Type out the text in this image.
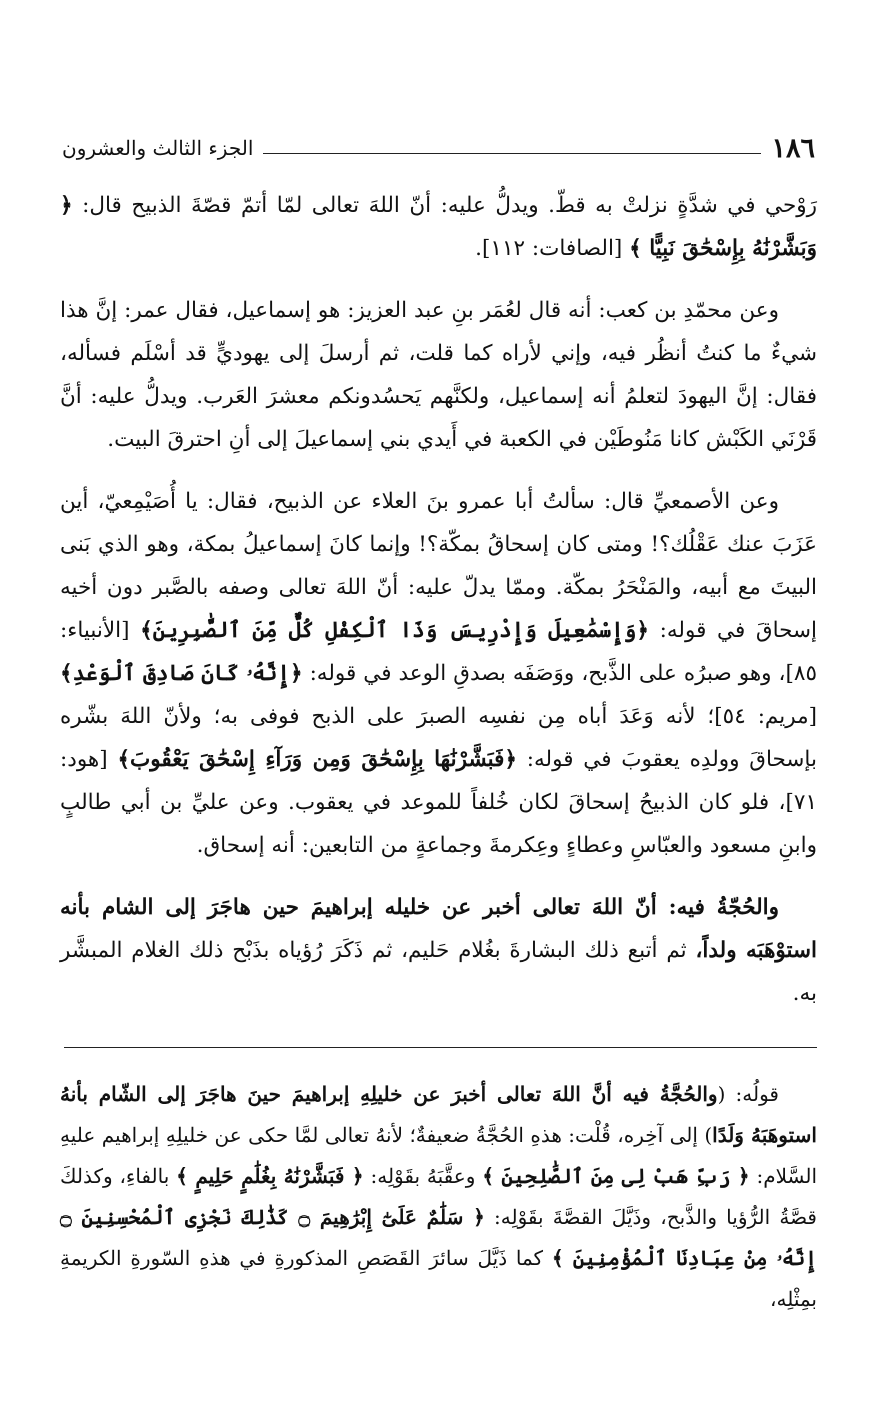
١٨٦
الجزء الثالث والعشرون

رَوْحي في شدَّةٍ نزلتْ به قطّ. ويدلُّ عليه: أنّ اللهَ تعالى لمّا أتمّ قصّةَ الذبيح قال: ﴿ وَبَشَّرْنَٰهُ بِإِسْحَٰقَ نَبِيًّا ﴾ [الصافات: ١١٢].

وعن محمّدِ بن كعب: أنه قال لعُمَر بنِ عبد العزيز: هو إسماعيل، فقال عمر: إنَّ هذا شيءٌ ما كنتُ أنظُر فيه، وإني لأراه كما قلت، ثم أرسلَ إلى يهوديٍّ قد أسْلَم فسأله، فقال: إنَّ اليهودَ لتعلمُ أنه إسماعيل، ولكنَّهم يَحسُدونكم معشرَ العَرب. ويدلُّ عليه: أنَّ قَرْنَي الكَبْش كانا مَنُوطَيْن في الكعبة في أَيدي بني إسماعيلَ إلى أنِ احترقَ البيت.

وعن الأصمعيِّ قال: سألتُ أبا عمرو بنَ العلاء عن الذبيح، فقال: يا أُصَيْمِعيّ، أين عَزَبَ عنك عَقْلُك؟! ومتى كان إسحاقُ بمكّة؟! وإنما كانَ إسماعيلُ بمكة، وهو الذي بَنى البيتَ مع أبيه، والمَنْحَرُ بمكّة. وممّا يدلّ عليه: أنّ اللهَ تعالى وصفه بالصَّبر دون أخيه إسحاقَ في قوله: ﴿وَإِسْمَٰعِيلَ وَإِدْرِيسَ وَذَا ٱلْكِفْلِ كُلٌّ مِّنَ ٱلصَّٰبِرِينَ﴾ [الأنبياء: ٨٥]، وهو صبرُه على الذَّبح، ووَصَفَه بصدقِ الوعد في قوله: ﴿إِنَّهُۥ كَانَ صَادِقَ ٱلْوَعْدِ﴾ [مريم: ٥٤]؛ لأنه وَعَدَ أباه مِن نفسِه الصبرَ على الذبح فوفى به؛ ولأنّ اللهَ بشّره بإسحاقَ وولدِه يعقوبَ في قوله: ﴿فَبَشَّرْنَٰهَا بِإِسْحَٰقَ وَمِن وَرَآءِ إِسْحَٰقَ يَعْقُوبَ﴾ [هود: ٧١]، فلو كان الذبيحُ إسحاقَ لكان خُلفاً للموعد في يعقوب. وعن عليِّ بن أبي طالبٍ وابنِ مسعود والعبّاسِ وعطاءٍ وعِكرمةَ وجماعةٍ من التابعين: أنه إسحاق.

والحُجّةُ فيه: أنّ اللهَ تعالى أخبر عن خليله إبراهيمَ حين هاجَرَ إلى الشام بأنه استوْهَبَه ولداً، ثم أتبع ذلك البشارةَ بغُلام حَليم، ثم ذَكَرَ رُؤياه بذَبْح ذلك الغلام المبشَّر به.

قولُه: (والحُجَّةُ فيه أنَّ اللهَ تعالى أخبرَ عن خليلِهِ إبراهيمَ حينَ هاجَرَ إلى الشّام بأنهُ استوهَبَهُ وَلَدًا) إلى آخِره، قُلْت: هذهِ الحُجَّةُ ضعيفةٌ؛ لأنهُ تعالى لمَّا حكى عن خليلِهِ إبراهيم عليهِ السَّلام: ﴿ رَبِّ هَبْ لِى مِنَ ٱلصَّٰلِحِينَ ﴾ وعقَّبَهُ بقَوْلِه: ﴿ فَبَشَّرْنَٰهُ بِغُلَٰمٍ حَلِيمٍ ﴾ بالفاءِ، وكذلكَ قصَّةُ الرُّؤيا والذَّبح، وذَيَّلَ القصَّةَ بقَوْلِه: ﴿ سَلَٰمٌ عَلَىٰٓ إِبْرَٰهِيمَ ۝ كَذَٰلِكَ نَجْزِى ٱلْمُحْسِنِينَ ۝ إِنَّهُۥ مِنْ عِبَادِنَا ٱلْمُؤْمِنِينَ ﴾ كما ذَيَّلَ سائرَ القَصَصِ المذكورةِ في هذهِ السّورةِ الكريمةِ بمِثْلِه،
